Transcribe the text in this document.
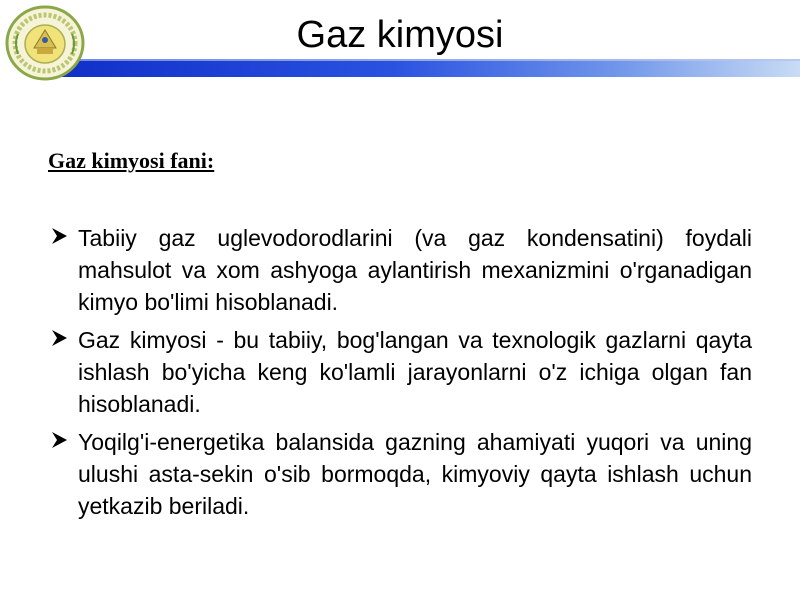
Gaz kimyosi
Gaz kimyosi fani:
Tabiiy gaz uglevodorodlarini (va gaz kondensatini) foydali mahsulot va xom ashyoga aylantirish mexanizmini o'rganadigan kimyo bo'limi hisoblanadi.
Gaz kimyosi - bu tabiiy, bog'langan va texnologik gazlarni qayta ishlash bo'yicha keng ko'lamli jarayonlarni o'z ichiga olgan fan hisoblanadi.
Yoqilg'i-energetika balansida gazning ahamiyati yuqori va uning ulushi asta-sekin o'sib bormoqda, kimyoviy qayta ishlash uchun yetkazib beriladi.
